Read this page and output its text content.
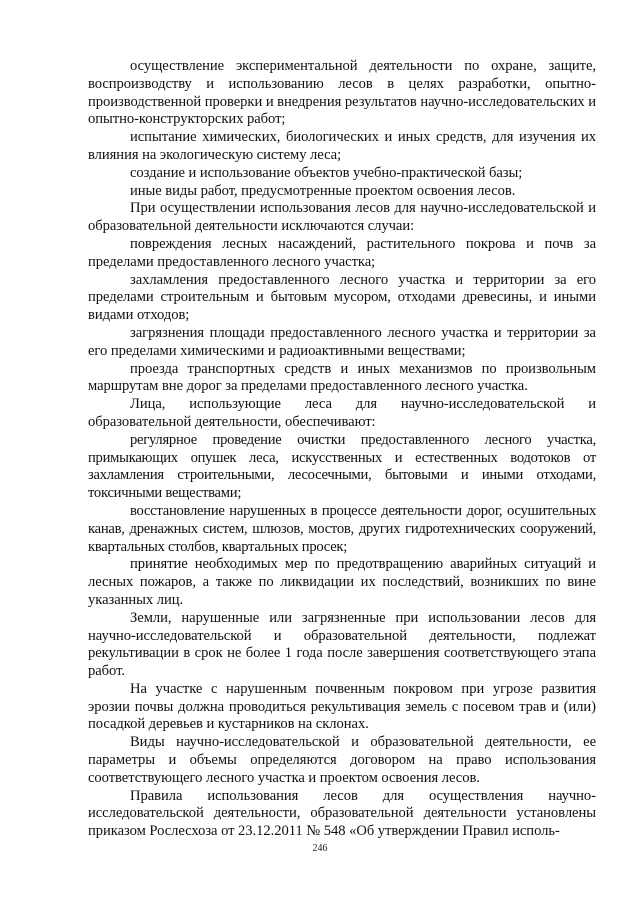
осуществление экспериментальной деятельности по охране, защите, воспроизводству и использованию лесов в целях разработки, опытно-производственной проверки и внедрения результатов научно-исследовательских и опытно-конструкторских работ;

испытание химических, биологических и иных средств, для изучения их влияния на экологическую систему леса;

создание и использование объектов учебно-практической базы;

иные виды работ, предусмотренные проектом освоения лесов.

При осуществлении использования лесов для научно-исследовательской и образовательной деятельности исключаются случаи:

повреждения лесных насаждений, растительного покрова и почв за пределами предоставленного лесного участка;

захламления предоставленного лесного участка и территории за его пределами строительным и бытовым мусором, отходами древесины, и иными видами отходов;

загрязнения площади предоставленного лесного участка и территории за его пределами химическими и радиоактивными веществами;

проезда транспортных средств и иных механизмов по произвольным маршрутам вне дорог за пределами предоставленного лесного участка.

Лица, использующие леса для научно-исследовательской и образовательной деятельности, обеспечивают:

регулярное проведение очистки предоставленного лесного участка, примыкающих опушек леса, искусственных и естественных водотоков от захламления строительными, лесосечными, бытовыми и иными отходами, токсичными веществами;

восстановление нарушенных в процессе деятельности дорог, осушительных канав, дренажных систем, шлюзов, мостов, других гидротехнических сооружений, квартальных столбов, квартальных просек;

принятие необходимых мер по предотвращению аварийных ситуаций и лесных пожаров, а также по ликвидации их последствий, возникших по вине указанных лиц.

Земли, нарушенные или загрязненные при использовании лесов для научно-исследовательской и образовательной деятельности, подлежат рекультивации в срок не более 1 года после завершения соответствующего этапа работ.

На участке с нарушенным почвенным покровом при угрозе развития эрозии почвы должна проводиться рекультивация земель с посевом трав и (или) посадкой деревьев и кустарников на склонах.

Виды научно-исследовательской и образовательной деятельности, ее параметры и объемы определяются договором на право использования соответствующего лесного участка и проектом освоения лесов.

Правила использования лесов для осуществления научно-исследовательской деятельности, образовательной деятельности установлены приказом Рослесхоза от 23.12.2011 № 548 «Об утверждении Правил исполь-

246
